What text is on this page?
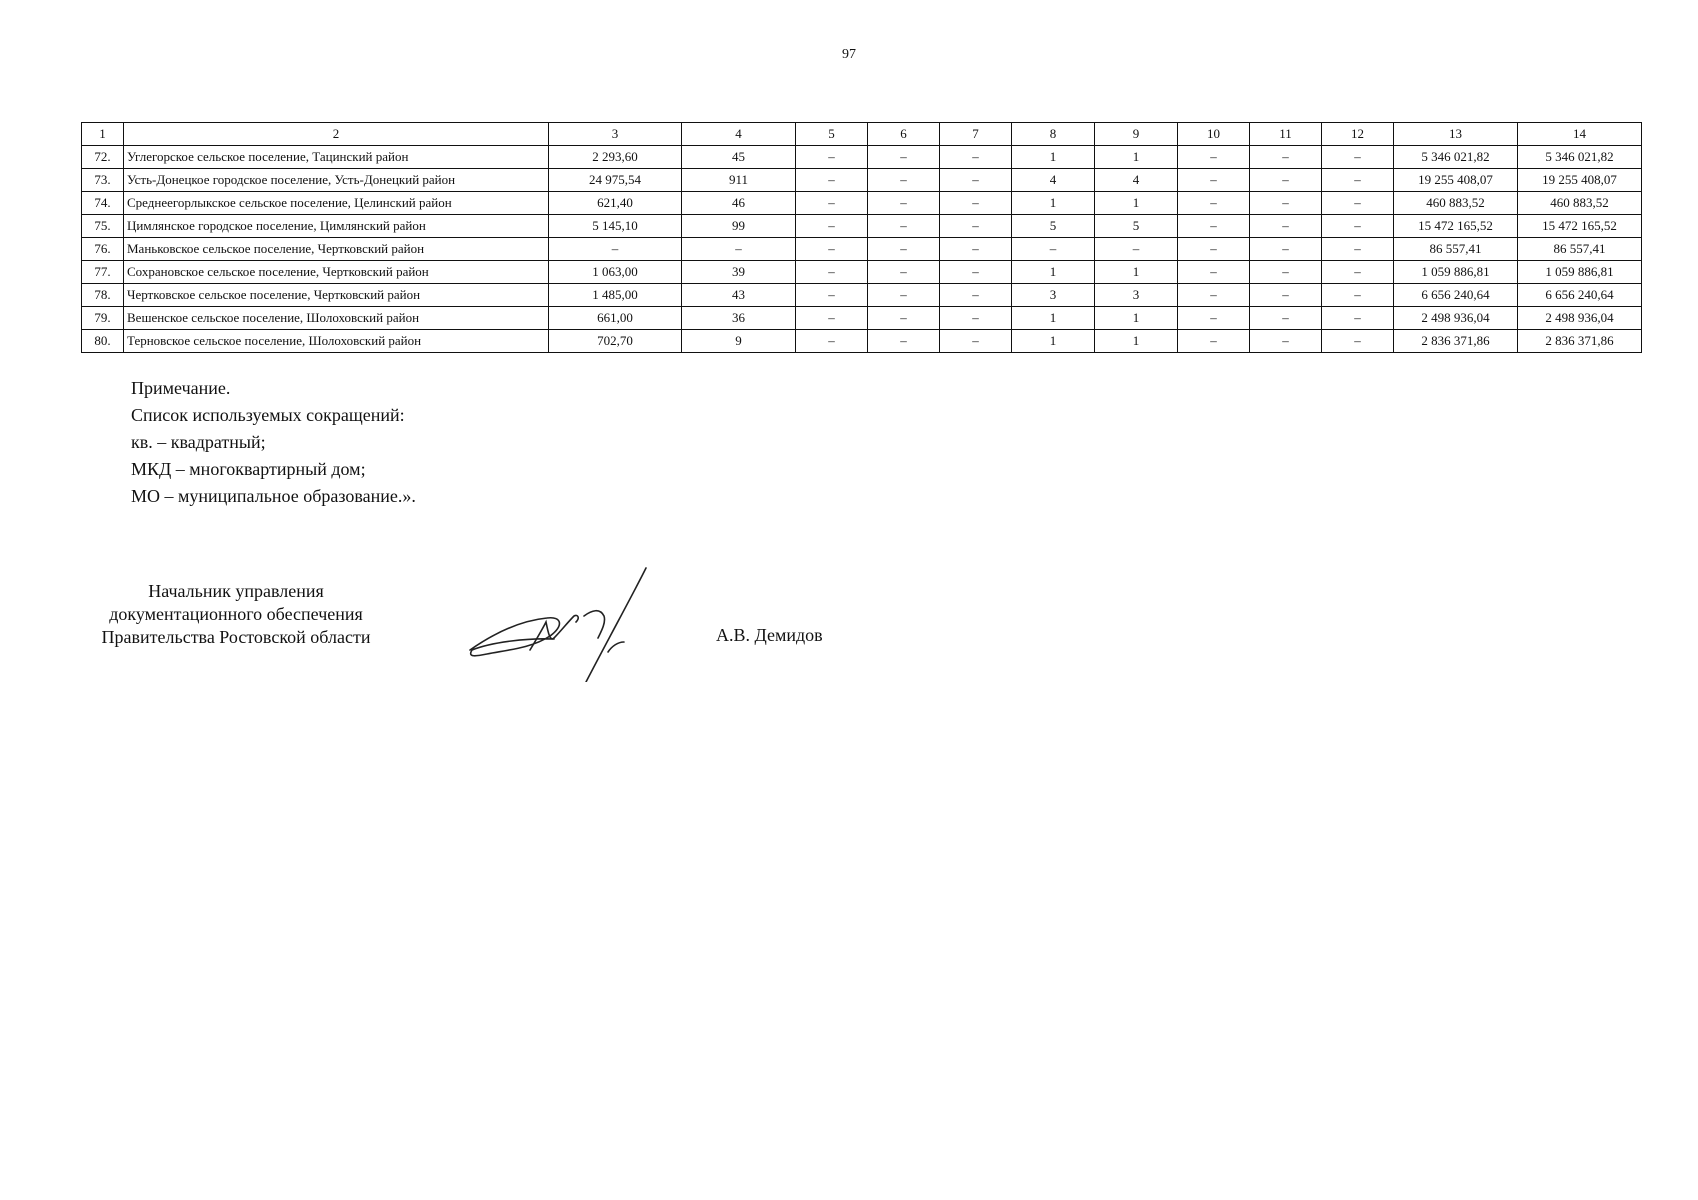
97
1	2	3	4	5	6	7	8	9	10	11	12	13	14
72.	Углегорское сельское поселение, Тацинский район	2 293,60	45	–	–	–	1	1	–	–	–	5 346 021,82	5 346 021,82
73.	Усть-Донецкое городское поселение, Усть-Донецкий район	24 975,54	911	–	–	–	4	4	–	–	–	19 255 408,07	19 255 408,07
74.	Среднеегорлыкское сельское поселение, Целинский район	621,40	46	–	–	–	1	1	–	–	–	460 883,52	460 883,52
75.	Цимлянское городское поселение, Цимлянский район	5 145,10	99	–	–	–	5	5	–	–	–	15 472 165,52	15 472 165,52
76.	Маньковское сельское поселение, Чертковский район	–	–	–	–	–	–	–	–	–	–	86 557,41	86 557,41
77.	Сохрановское сельское поселение, Чертковский район	1 063,00	39	–	–	–	1	1	–	–	–	1 059 886,81	1 059 886,81
78.	Чертковское сельское поселение, Чертковский район	1 485,00	43	–	–	–	3	3	–	–	–	6 656 240,64	6 656 240,64
79.	Вешенское сельское поселение, Шолоховский район	661,00	36	–	–	–	1	1	–	–	–	2 498 936,04	2 498 936,04
80.	Терновское сельское поселение, Шолоховский район	702,70	9	–	–	–	1	1	–	–	–	2 836 371,86	2 836 371,86
Примечание.
Список используемых сокращений:
кв. – квадратный;
МКД – многоквартирный дом;
МО – муниципальное образование.».
Начальник управления
документационного обеспечения
Правительства Ростовской области	А.В. Демидов
